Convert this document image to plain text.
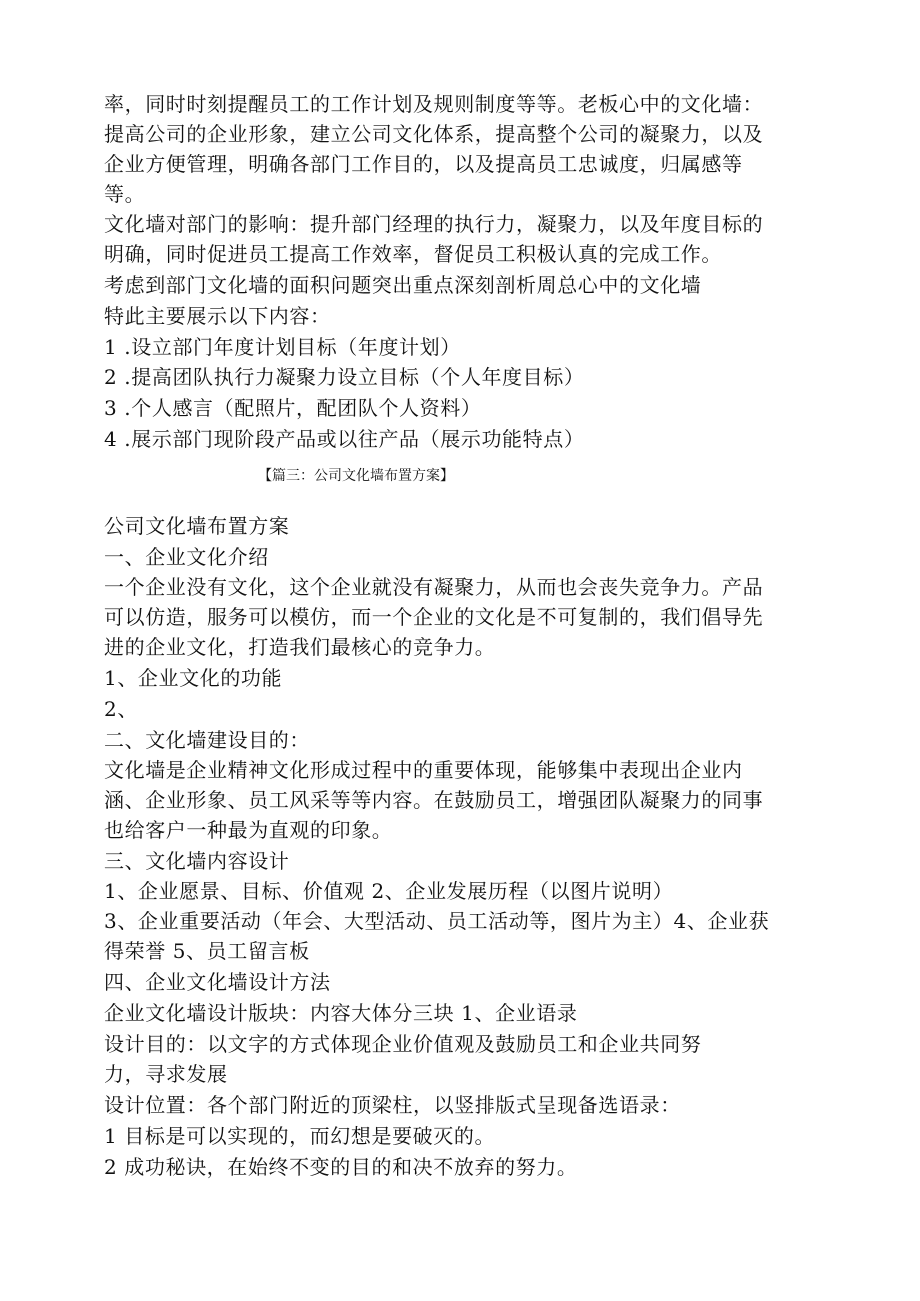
率，同时时刻提醒员工的工作计划及规则制度等等。老板心中的文化墙：
提高公司的企业形象，建立公司文化体系，提高整个公司的凝聚力，以及
企业方便管理，明确各部门工作目的，以及提高员工忠诚度，归属感等
等。
文化墙对部门的影响：提升部门经理的执行力，凝聚力，以及年度目标的
明确，同时促进员工提高工作效率，督促员工积极认真的完成工作。
考虑到部门文化墙的面积问题突出重点深刻剖析周总心中的文化墙
特此主要展示以下内容：
1 .设立部门年度计划目标（年度计划）
2 .提高团队执行力凝聚力设立目标（个人年度目标）
3 .个人感言（配照片，配团队个人资料）
4 .展示部门现阶段产品或以往产品（展示功能特点）
【篇三：公司文化墙布置方案】
公司文化墙布置方案
一、企业文化介绍
一个企业没有文化，这个企业就没有凝聚力，从而也会丧失竞争力。产品
可以仿造，服务可以模仿，而一个企业的文化是不可复制的，我们倡导先
进的企业文化，打造我们最核心的竞争力。
1、企业文化的功能
2、
二、文化墙建设目的：
文化墙是企业精神文化形成过程中的重要体现，能够集中表现出企业内
涵、企业形象、员工风采等等内容。在鼓励员工，增强团队凝聚力的同事
也给客户一种最为直观的印象。
三、文化墙内容设计
1、企业愿景、目标、价值观 2、企业发展历程（以图片说明）
3、企业重要活动（年会、大型活动、员工活动等，图片为主）4、企业获
得荣誉 5、员工留言板
四、企业文化墙设计方法
企业文化墙设计版块：内容大体分三块 1、企业语录
设计目的：以文字的方式体现企业价值观及鼓励员工和企业共同努
力，寻求发展
设计位置：各个部门附近的顶梁柱，以竖排版式呈现备选语录：
1 目标是可以实现的，而幻想是要破灭的。
2 成功秘诀，在始终不变的目的和决不放弃的努力。
